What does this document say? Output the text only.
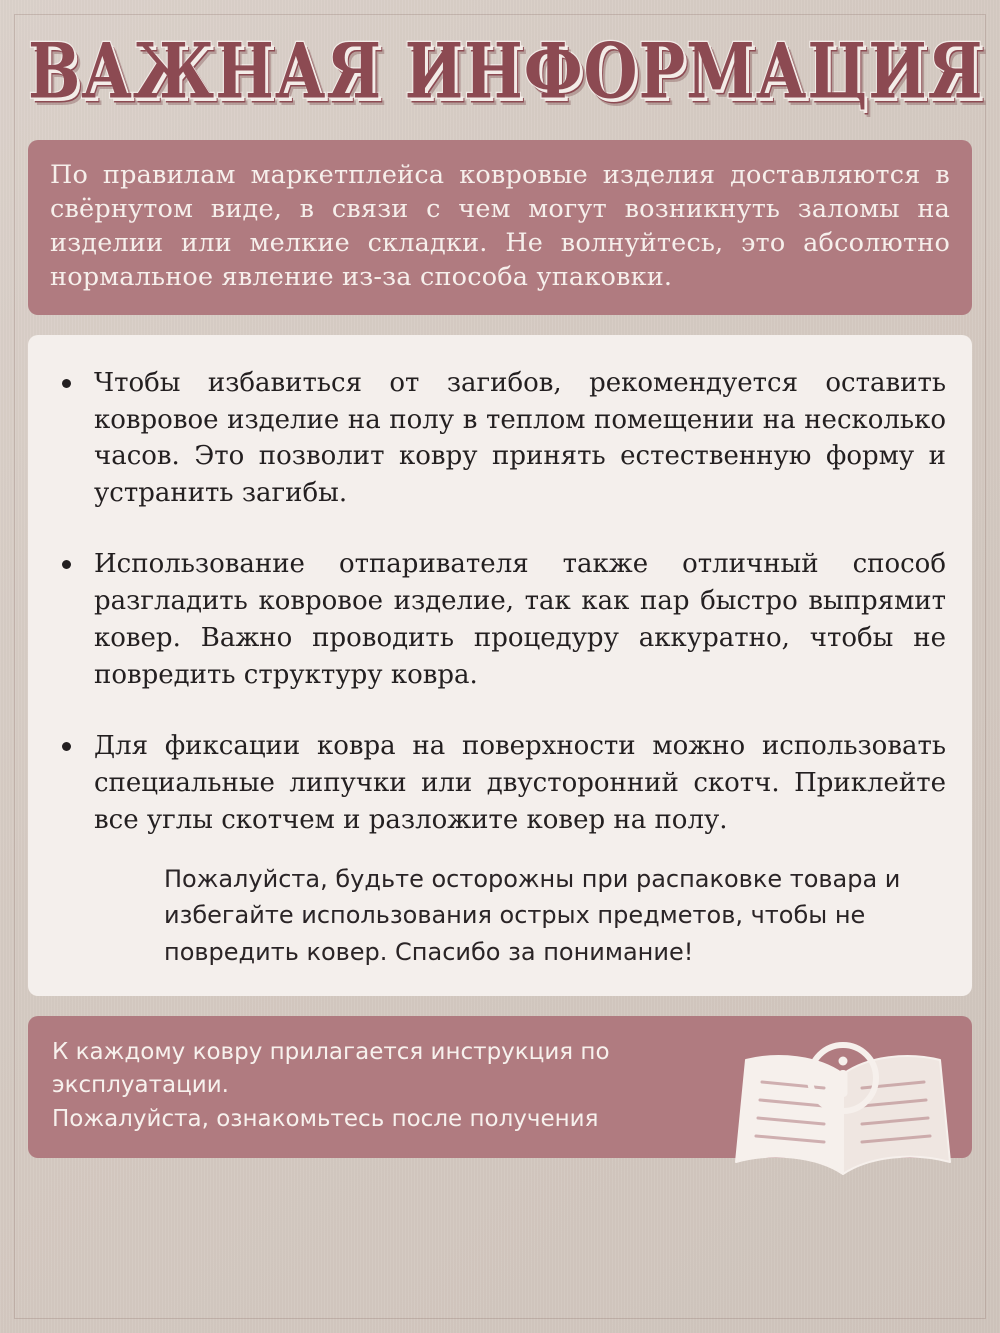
ВАЖНАЯ ИНФОРМАЦИЯ
По правилам маркетплейса ковровые изделия доставляются в свёрнутом виде, в связи с чем могут возникнуть заломы на изделии или мелкие складки. Не волнуйтесь, это абсолютно нормальное явление из-за способа упаковки.
Чтобы избавиться от загибов, рекомендуется оставить ковровое изделие на полу в теплом помещении на несколько часов. Это позволит ковру принять естественную форму и устранить загибы.
Использование отпаривателя также отличный способ разгладить ковровое изделие, так как пар быстро выпрямит ковер. Важно проводить процедуру аккуратно, чтобы не повредить структуру ковра.
Для фиксации ковра на поверхности можно использовать специальные липучки или двусторонний скотч. Приклейте все углы скотчем и разложите ковер на полу.

Пожалуйста, будьте осторожны при распаковке товара и избегайте использования острых предметов, чтобы не повредить ковер. Спасибо за понимание!

К каждому ковру прилагается инструкция по эксплуатации.
Пожалуйста, ознакомьтесь после получения
